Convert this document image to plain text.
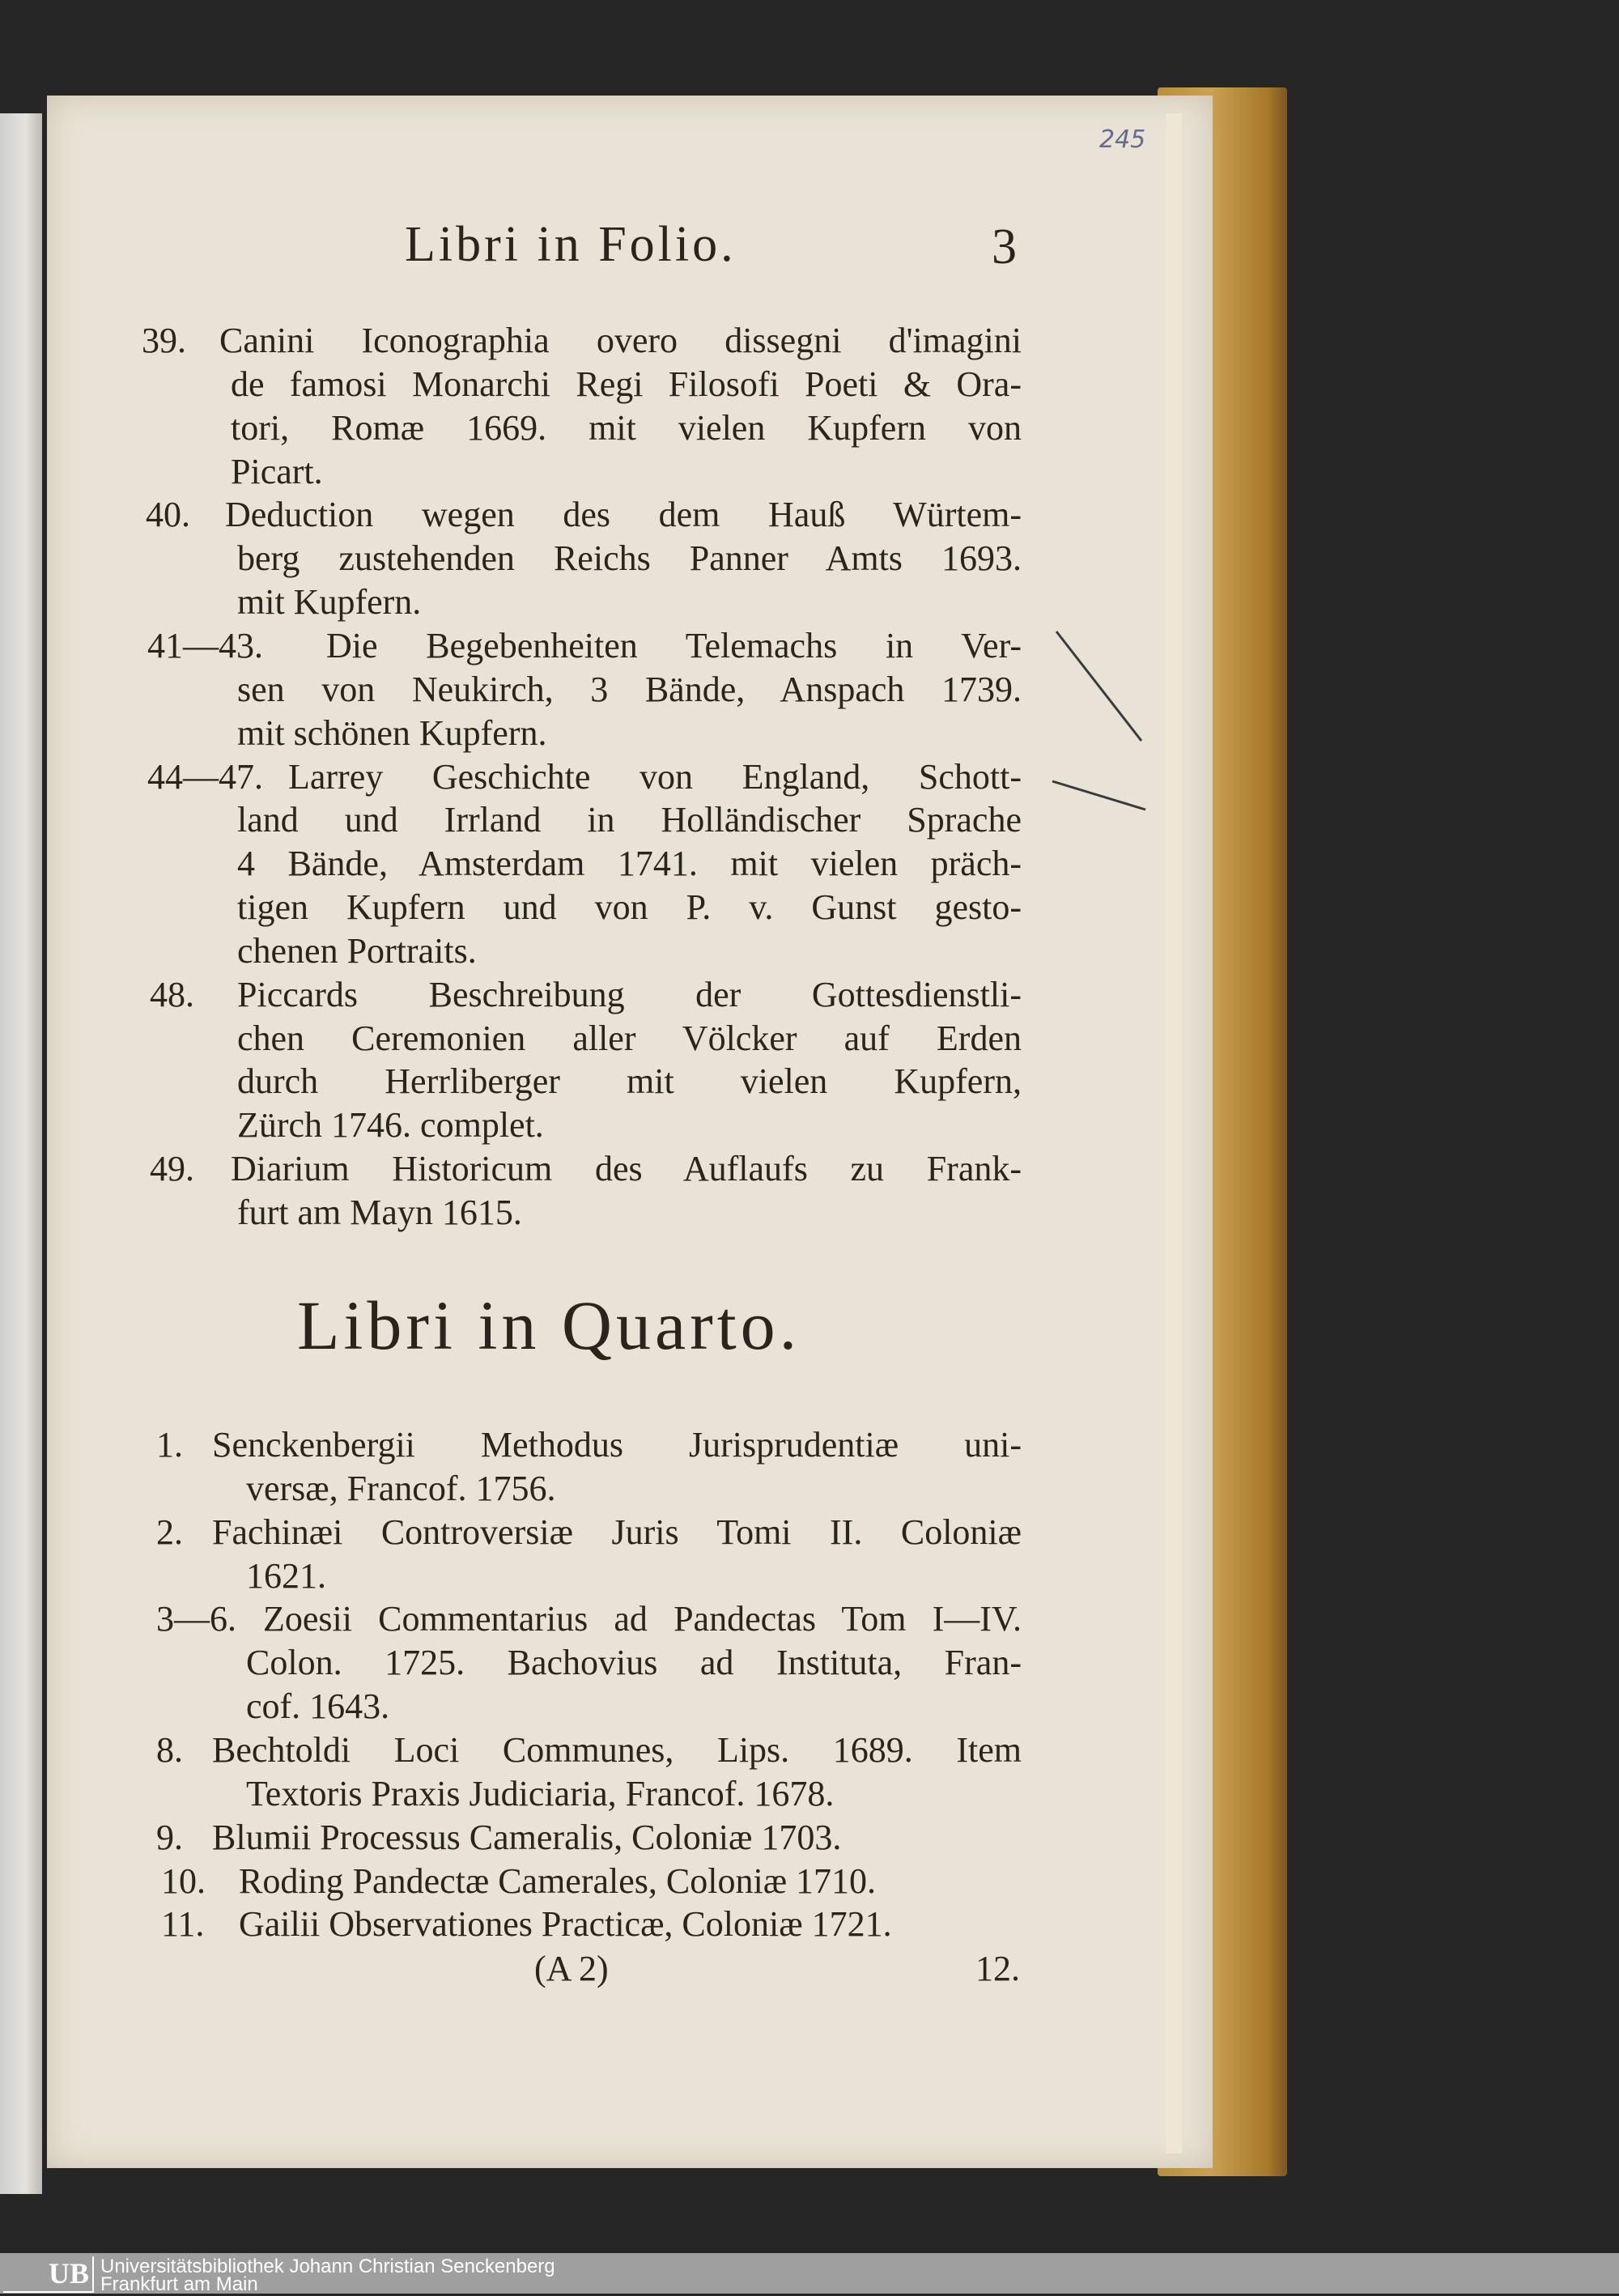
245
Libri in Folio.	3
39. Canini Iconographia overo dissegni d'imagini
de famosi Monarchi Regi Filosofi Poeti & Ora-
tori, Romæ 1669. mit vielen Kupfern von
Picart.
40. Deduction wegen des dem Hauß Würtem-
berg zustehenden Reichs Panner Amts 1693.
mit Kupfern.
41—43. Die Begebenheiten Telemachs in Ver-
sen von Neukirch, 3 Bände, Anspach 1739.
mit schönen Kupfern.
44—47. Larrey Geschichte von England, Schott-
land und Irrland in Holländischer Sprache
4 Bände, Amsterdam 1741. mit vielen präch-
tigen Kupfern und von P. v. Gunst gesto-
chenen Portraits.
48. Piccards Beschreibung der Gottesdienstli-
chen Ceremonien aller Völcker auf Erden
durch Herrliberger mit vielen Kupfern,
Zürch 1746. complet.
49. Diarium Historicum des Auflaufs zu Frank-
furt am Mayn 1615.
Libri in Quarto.
1. Senckenbergii Methodus Jurisprudentiæ uni-
versæ, Francof. 1756.
2. Fachinæi Controversiæ Juris Tomi II. Coloniæ
1621.
3—6. Zoesii Commentarius ad Pandectas Tom I—IV.
Colon. 1725. Bachovius ad Instituta, Fran-
cof. 1643.
8. Bechtoldi Loci Communes, Lips. 1689. Item
Textoris Praxis Judiciaria, Francof. 1678.
9. Blumii Processus Cameralis, Coloniæ 1703.
10. Roding Pandectæ Camerales, Coloniæ 1710.
11. Gailii Observationes Practicæ, Coloniæ 1721.
(A 2)	12.
UB Universitätsbibliothek Johann Christian Senckenberg
Frankfurt am Main
